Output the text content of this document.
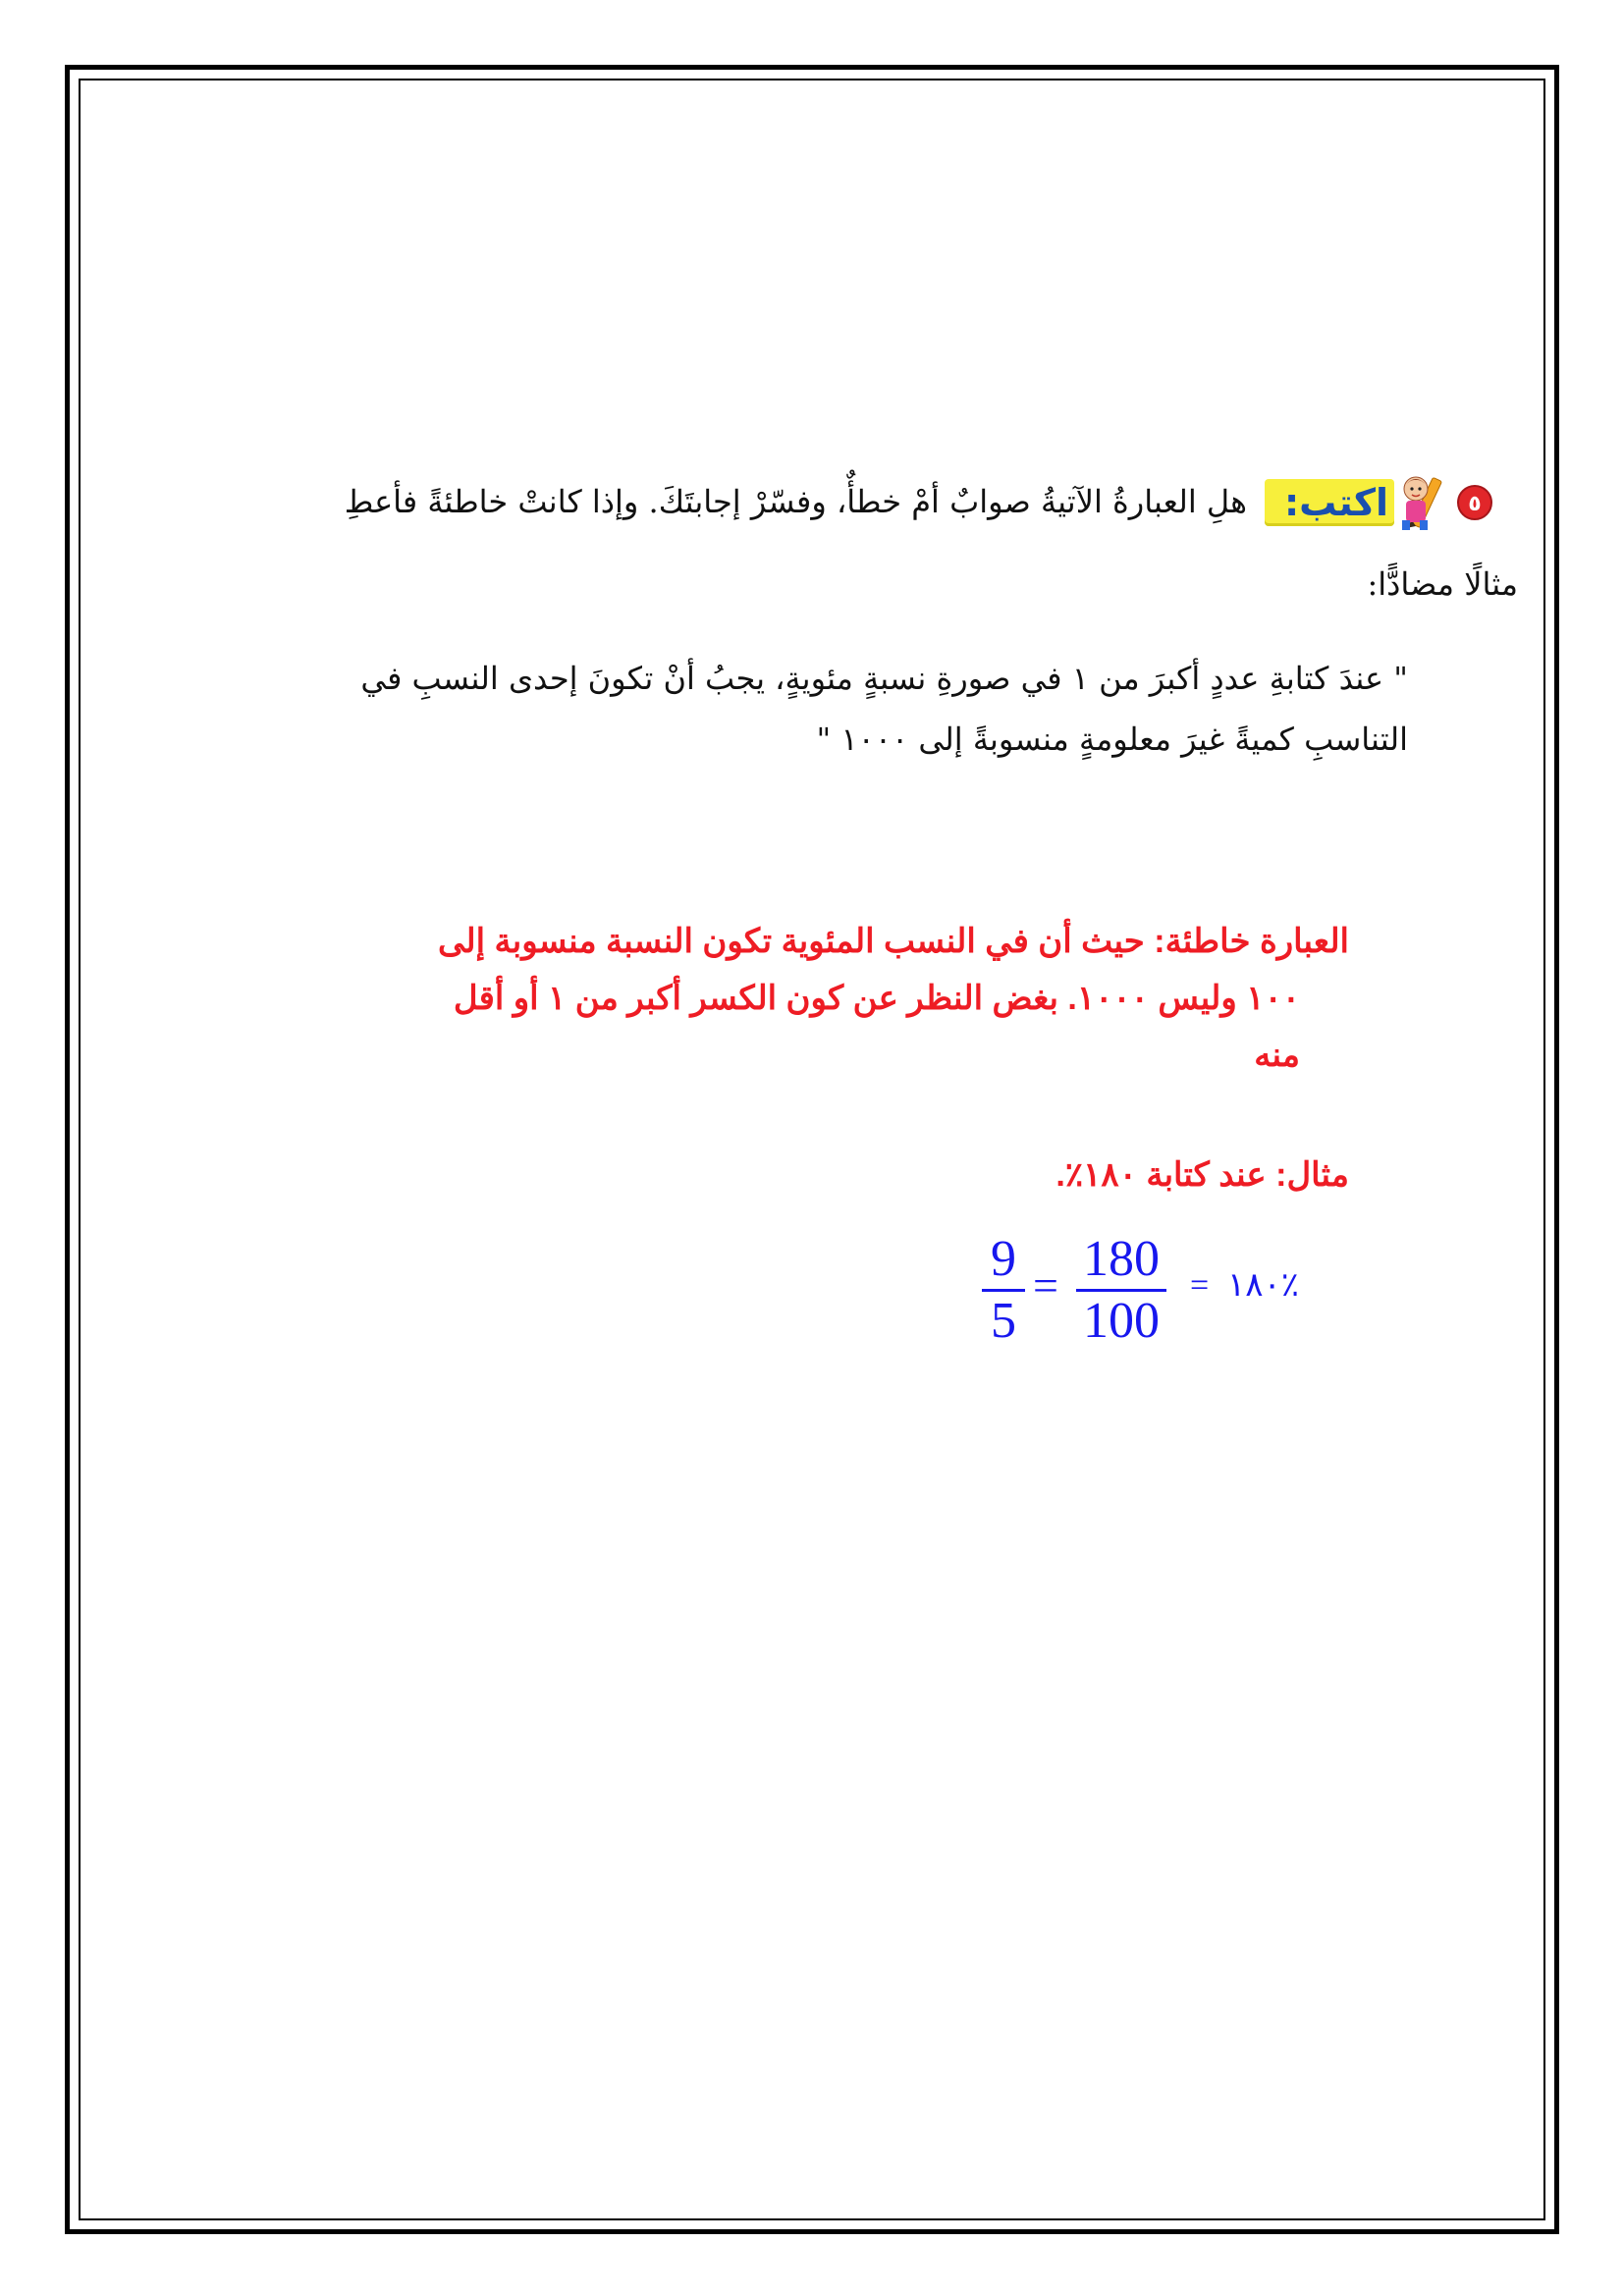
٥
اكتب:
هلِ العبارةُ الآتيةُ صوابٌ أمْ خطأٌ، وفسّرْ إجابتَكَ. وإذا كانتْ خاطئةً فأعطِ
مثالًا مضادًّا:

" عندَ كتابةِ عددٍ أكبرَ من ١ في صورةِ نسبةٍ مئويةٍ، يجبُ أنْ تكونَ إحدى النسبِ في

التناسبِ كميةً غيرَ معلومةٍ منسوبةً إلى ١٠٠٠ "

العبارة خاطئة: حيث أن في النسب المئوية تكون النسبة منسوبة إلى

١٠٠ وليس ١٠٠٠. بغض النظر عن كون الكسر أكبر من ١ أو أقل

منه

مثال: عند كتابة ١٨٠٪.
9
5
= 180
100
= ٪١٨٠
